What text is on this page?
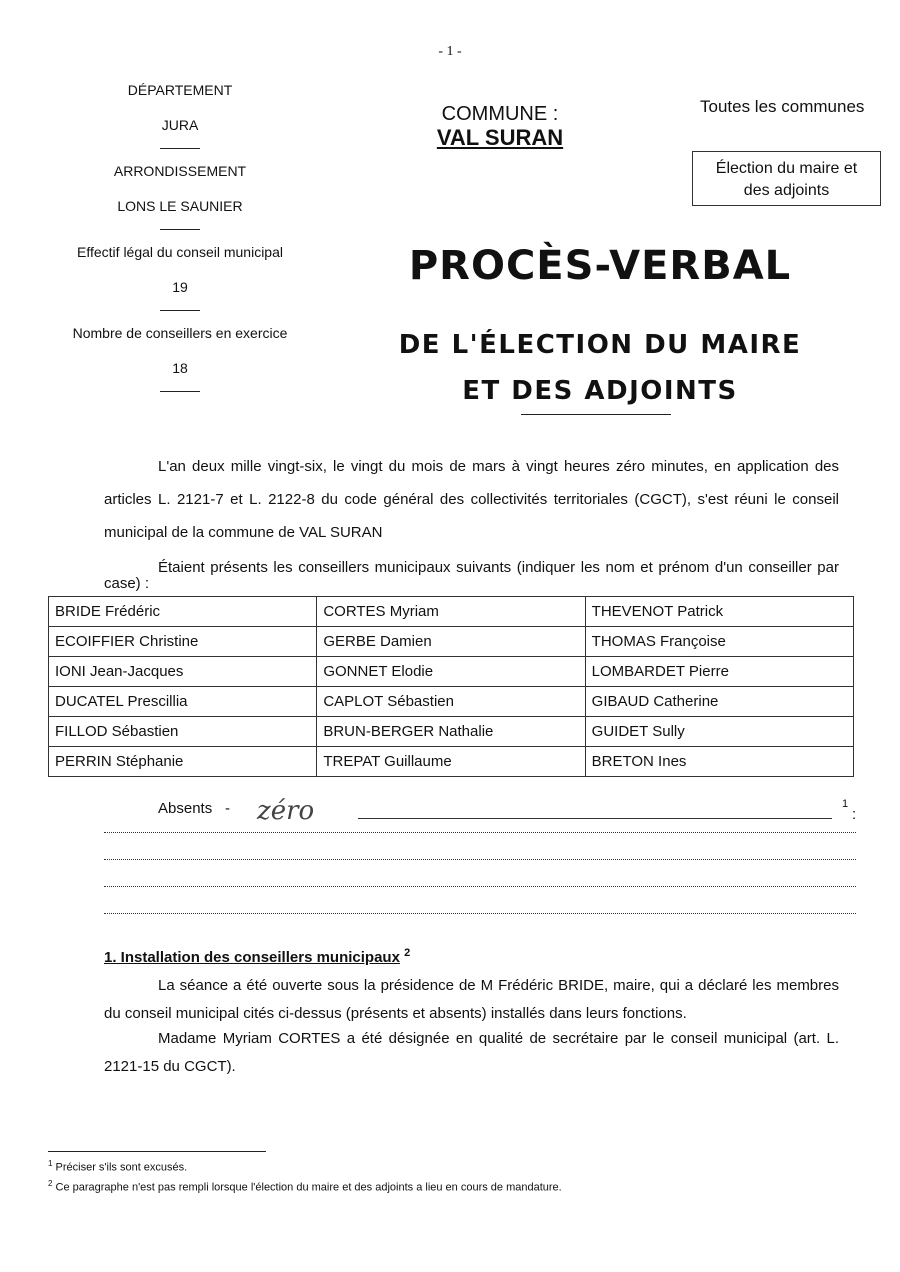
- 1 -
DÉPARTEMENT
JURA
ARRONDISSEMENT
LONS LE SAUNIER
Effectif légal du conseil municipal
19
Nombre de conseillers en exercice
18
COMMUNE :
VAL SURAN
Toutes les communes
Élection du maire et
des adjoints
PROCÈS-VERBAL
DE L'ÉLECTION DU MAIRE
ET DES ADJOINTS
L'an deux mille vingt-six, le vingt du mois de mars à vingt heures zéro minutes, en application des articles L. 2121-7 et L. 2122-8 du code général des collectivités territoriales (CGCT), s'est réuni le conseil municipal de la commune de VAL SURAN
Étaient présents les conseillers municipaux suivants (indiquer les nom et prénom d'un conseiller par case) :
BRIDE Frédéric	CORTES Myriam	THEVENOT Patrick
ECOIFFIER Christine	GERBE Damien	THOMAS Françoise
IONI Jean-Jacques	GONNET Elodie	LOMBARDET Pierre
DUCATEL Prescillia	CAPLOT Sébastien	GIBAUD Catherine
FILLOD Sébastien	BRUN-BERGER Nathalie	GUIDET Sully
PERRIN Stéphanie	TREPAT Guillaume	BRETON Ines
Absents - zéro	1
:
1. Installation des conseillers municipaux $^2$
La séance a été ouverte sous la présidence de M Frédéric BRIDE, maire, qui a déclaré les membres du conseil municipal cités ci-dessus (présents et absents) installés dans leurs fonctions.
Madame Myriam CORTES a été désignée en qualité de secrétaire par le conseil municipal (art. L. 2121-15 du CGCT).
$^1$ Préciser s'ils sont excusés.
$^2$ Ce paragraphe n'est pas rempli lorsque l'élection du maire et des adjoints a lieu en cours de mandature.
